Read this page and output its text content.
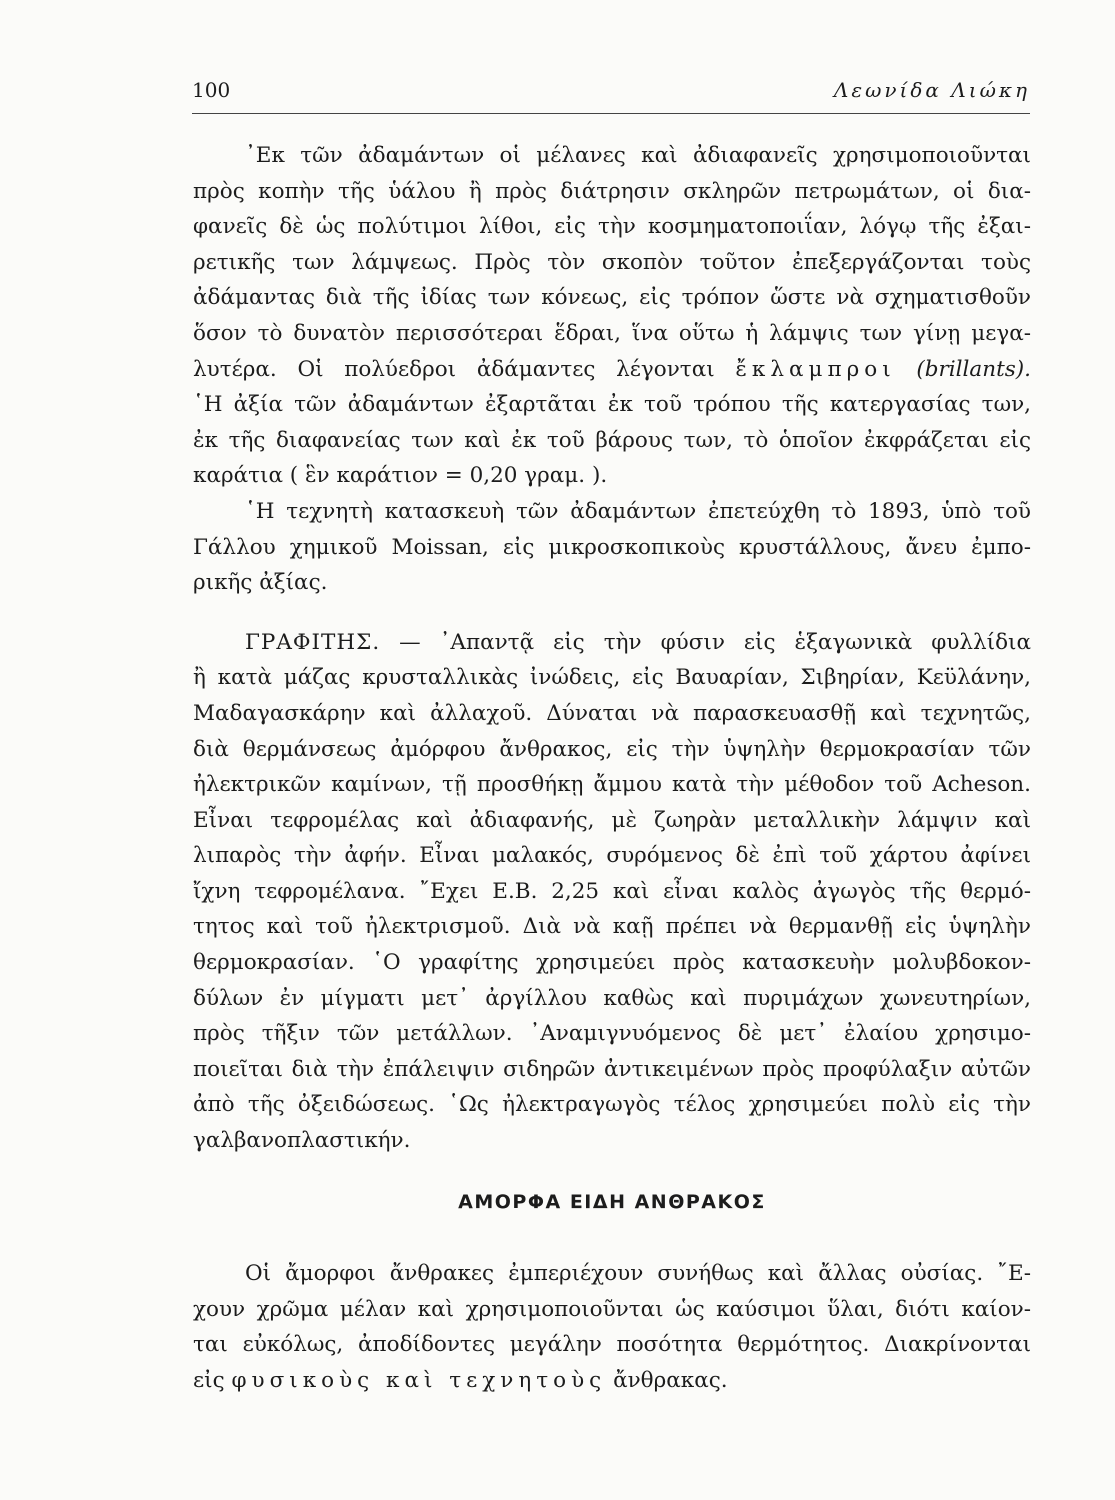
100	Λεωνίδα Λιώκη
᾿Εκ τῶν ἀδαμάντων οἱ μέλανες καὶ ἀδιαφανεῖς χρησιμοποιοῦνται
πρὸς κοπὴν τῆς ὑάλου ἢ πρὸς διάτρησιν σκληρῶν πετρωμάτων, οἱ δια-
φανεῖς δὲ ὡς πολύτιμοι λίθοι, εἰς τὴν κοσμηματοποιΐαν, λόγῳ τῆς ἐξαι-
ρετικῆς των λάμψεως. Πρὸς τὸν σκοπὸν τοῦτον ἐπεξεργάζονται τοὺς
ἀδάμαντας διὰ τῆς ἰδίας των κόνεως, εἰς τρόπον ὥστε νὰ σχηματισθοῦν
ὅσον τὸ δυνατὸν περισσότεραι ἕδραι, ἵνα οὕτω ἡ λάμψις των γίνῃ μεγα-
λυτέρα. Οἱ πολύεδροι ἀδάμαντες λέγονται ἔκλαμπροι (brillants).
῾Η ἀξία τῶν ἀδαμάντων ἐξαρτᾶται ἐκ τοῦ τρόπου τῆς κατεργασίας των,
ἐκ τῆς διαφανείας των καὶ ἐκ τοῦ βάρους των, τὸ ὁποῖον ἐκφράζεται εἰς
καράτια ( ἓν καράτιον = 0,20 γραμ. ).
῾Η τεχνητὴ κατασκευὴ τῶν ἀδαμάντων ἐπετεύχθη τὸ 1893, ὑπὸ τοῦ
Γάλλου χημικοῦ Moissan, εἰς μικροσκοπικοὺς κρυστάλλους, ἄνευ ἐμπο-
ρικῆς ἀξίας.
ΓΡΑΦΙΤΗΣ. — ᾿Απαντᾷ εἰς τὴν φύσιν εἰς ἑξαγωνικὰ φυλλίδια
ἢ κατὰ μάζας κρυσταλλικὰς ἰνώδεις, εἰς Βαυαρίαν, Σιβηρίαν, Κεϋλάνην,
Μαδαγασκάρην καὶ ἀλλαχοῦ. Δύναται νὰ παρασκευασθῇ καὶ τεχνητῶς,
διὰ θερμάνσεως ἀμόρφου ἄνθρακος, εἰς τὴν ὑψηλὴν θερμοκρασίαν τῶν
ἠλεκτρικῶν καμίνων, τῇ προσθήκῃ ἄμμου κατὰ τὴν μέθοδον τοῦ Acheson.
Εἶναι τεφρομέλας καὶ ἀδιαφανής, μὲ ζωηρὰν μεταλλικὴν λάμψιν καὶ
λιπαρὸς τὴν ἀφήν. Εἶναι μαλακός, συρόμενος δὲ ἐπὶ τοῦ χάρτου ἀφίνει
ἴχνη τεφρομέλανα. ῎Εχει Ε.Β. 2,25 καὶ εἶναι καλὸς ἀγωγὸς τῆς θερμό-
τητος καὶ τοῦ ἠλεκτρισμοῦ. Διὰ νὰ καῇ πρέπει νὰ θερμανθῇ εἰς ὑψηλὴν
θερμοκρασίαν. ῾Ο γραφίτης χρησιμεύει πρὸς κατασκευὴν μολυβδοκον-
δύλων ἐν μίγματι μετ᾿ ἀργίλλου καθὼς καὶ πυριμάχων χωνευτηρίων,
πρὸς τῆξιν τῶν μετάλλων. ᾿Αναμιγνυόμενος δὲ μετ᾿ ἐλαίου χρησιμο-
ποιεῖται διὰ τὴν ἐπάλειψιν σιδηρῶν ἀντικειμένων πρὸς προφύλαξιν αὐτῶν
ἀπὸ τῆς ὀξειδώσεως. ῾Ως ἠλεκτραγωγὸς τέλος χρησιμεύει πολὺ εἰς τὴν
γαλβανοπλαστικήν.
ΑΜΟΡΦΑ ΕΙΔΗ ΑΝΘΡΑΚΟΣ
Οἱ ἄμορφοι ἄνθρακες ἐμπεριέχουν συνήθως καὶ ἄλλας οὐσίας. ῎Ε-
χουν χρῶμα μέλαν καὶ χρησιμοποιοῦνται ὡς καύσιμοι ὕλαι, διότι καίον-
ται εὐκόλως, ἀποδίδοντες μεγάλην ποσότητα θερμότητος. Διακρίνονται
εἰς φυσικοὺς καὶ τεχνητοὺς ἄνθρακας.
